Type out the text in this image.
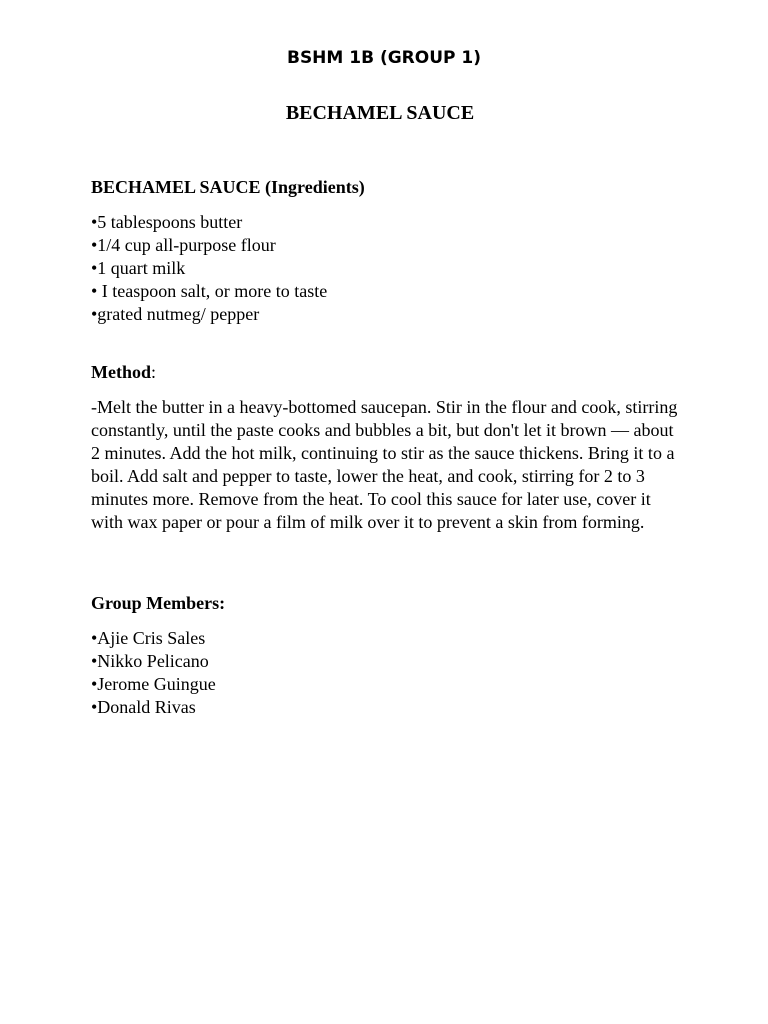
BSHM 1B (GROUP 1)
BECHAMEL SAUCE
BECHAMEL SAUCE (Ingredients)
•5 tablespoons butter
•1/4 cup all-purpose flour
•1 quart milk
• I teaspoon salt, or more to taste
•grated nutmeg/ pepper
Method:

-Melt the butter in a heavy-bottomed saucepan. Stir in the flour and cook, stirring constantly, until the paste cooks and bubbles a bit, but don't let it brown — about 2 minutes. Add the hot milk, continuing to stir as the sauce thickens. Bring it to a boil. Add salt and pepper to taste, lower the heat, and cook, stirring for 2 to 3 minutes more. Remove from the heat. To cool this sauce for later use, cover it with wax paper or pour a film of milk over it to prevent a skin from forming.

Group Members:
•Ajie Cris Sales
•Nikko Pelicano
•Jerome Guingue
•Donald Rivas
